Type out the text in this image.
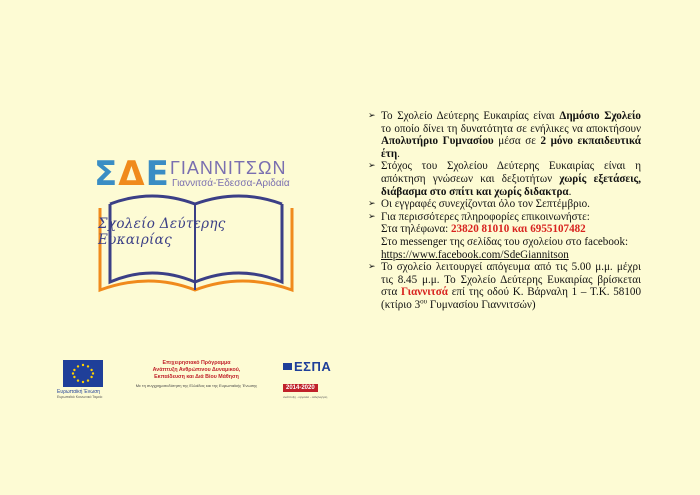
ΣΔΕ ΓΙΑΝΝΙΤΣΩΝ
Γιαννιτσά-Έδεσσα-Αριδαία
Σχολείο Δεύτερης Ευκαιρίας
Ευρωπαϊκή Ένωση
Ευρωπαϊκό Κοινωνικό Ταμείο
Επιχειρησιακό Πρόγραμμα
Ανάπτυξη Ανθρώπινου Δυναμικού,
Εκπαίδευση και Διά Βίου Μάθηση
Με τη συγχρηματοδότηση της Ελλάδας και της Ευρωπαϊκής Ένωσης
ΕΣΠΑ
2014-2020
ανάπτυξη - εργασία - αλληλεγγύη
➢ Το Σχολείο Δεύτερης Ευκαιρίας είναι Δημόσιο Σχολείο το οποίο δίνει τη δυνατότητα σε ενήλικες να αποκτήσουν Απολυτήριο Γυμνασίου μέσα σε 2 μόνο εκπαιδευτικά έτη.
➢ Στόχος του Σχολείου Δεύτερης Ευκαιρίας είναι η απόκτηση γνώσεων και δεξιοτήτων χωρίς εξετάσεις, διάβασμα στο σπίτι και χωρίς διδακτρα.
➢ Οι εγγραφές συνεχίζονται όλο τον Σεπτέμβριο.
➢ Για περισσότερες πληροφορίες επικοινωνήστε:
Στα τηλέφωνα: 23820 81010 και 6955107482
Στο messenger της σελίδας του σχολείου στο facebook:
https://www.facebook.com/SdeGiannitson
➢ Το σχολείο λειτουργεί απόγευμα από τις 5.00 μ.μ. μέχρι τις 8.45 μ.μ. Το Σχολείο Δεύτερης Ευκαιρίας βρίσκεται στα Γιαννιτσά επί της οδού Κ. Βάρναλη 1 – Τ.Κ. 58100 (κτίριο $3^{o\upsilon}$ Γυμνασίου Γιαννιτσών)
